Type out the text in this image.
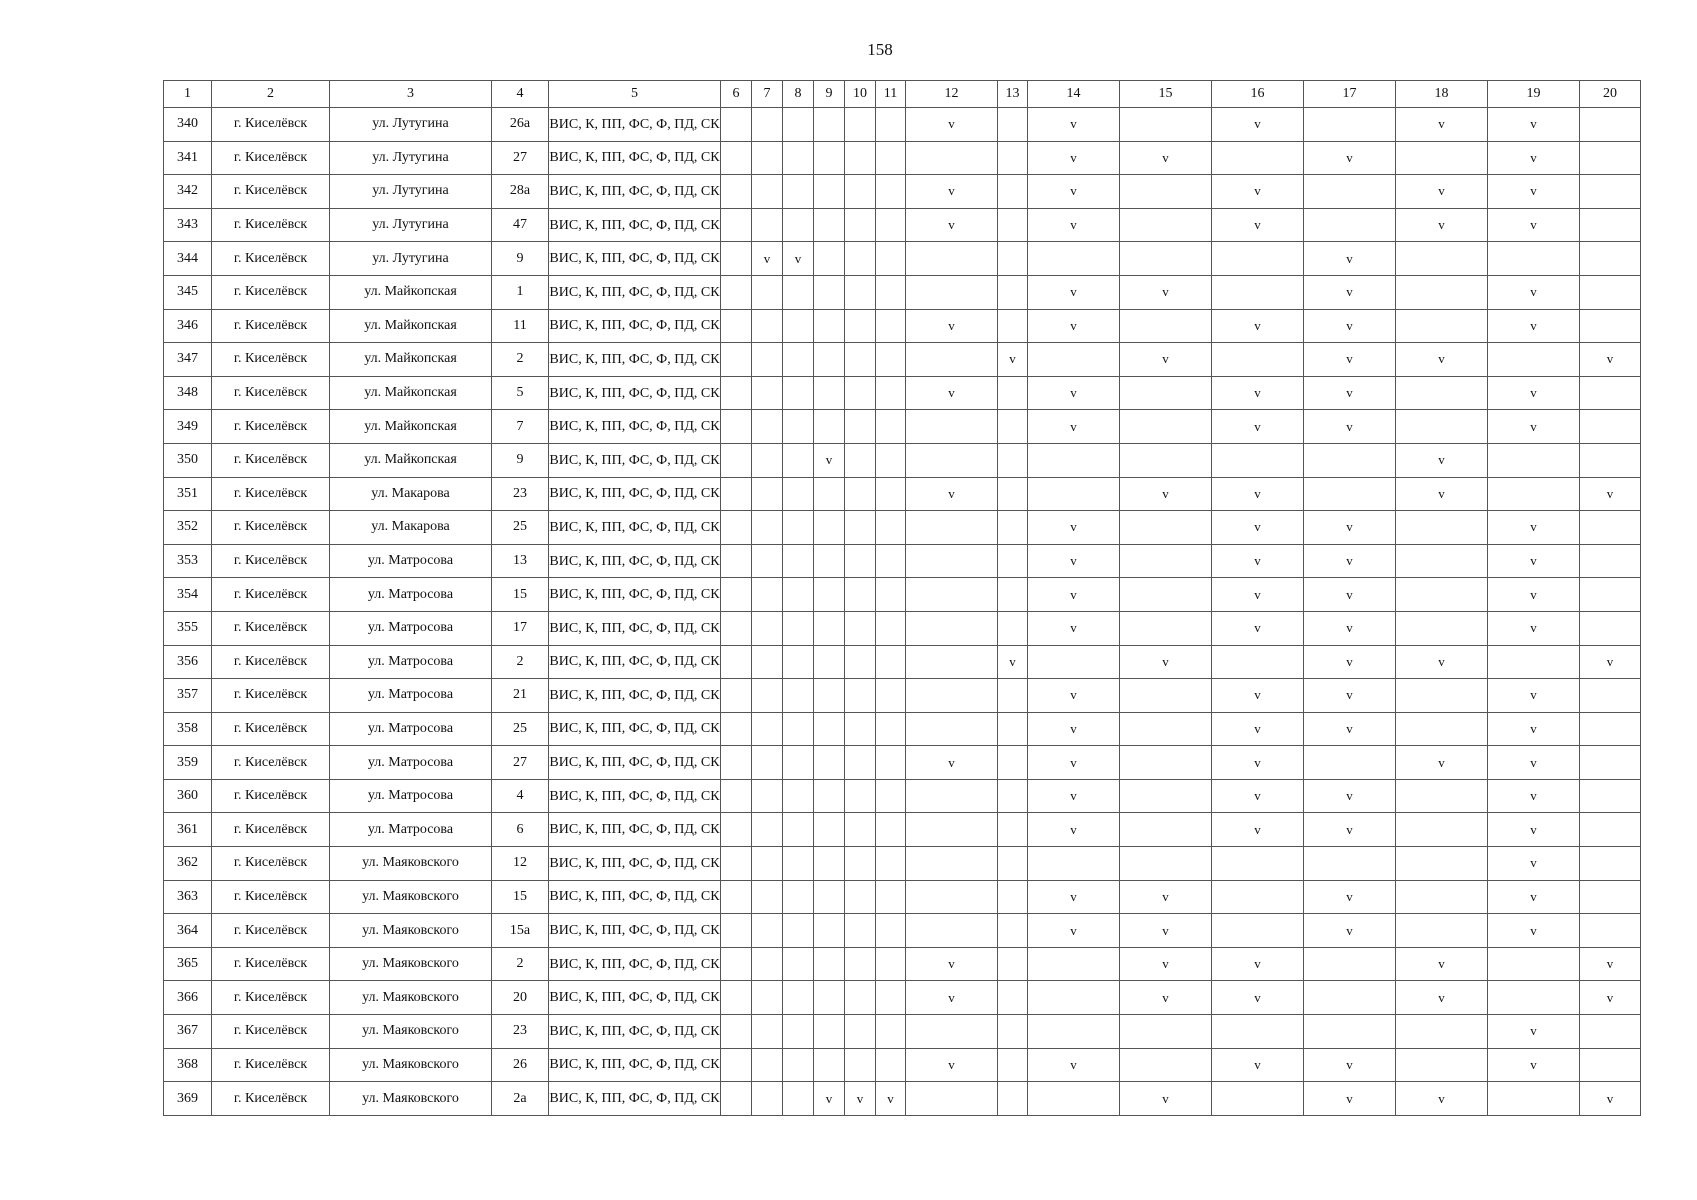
158
1	2	3	4	5	6	7	8	9	10	11	12	13	14	15	16	17	18	19	20
340	г. Киселёвск	ул. Лутугина	26а	ВИС, К, ПП, ФС, Ф, ПД, СК							v		v		v		v	v	
341	г. Киселёвск	ул. Лутугина	27	ВИС, К, ПП, ФС, Ф, ПД, СК									v	v		v		v	
342	г. Киселёвск	ул. Лутугина	28а	ВИС, К, ПП, ФС, Ф, ПД, СК							v		v		v		v	v	
343	г. Киселёвск	ул. Лутугина	47	ВИС, К, ПП, ФС, Ф, ПД, СК							v		v		v		v	v	
344	г. Киселёвск	ул. Лутугина	9	ВИС, К, ПП, ФС, Ф, ПД, СК		v	v									v			
345	г. Киселёвск	ул. Майкопская	1	ВИС, К, ПП, ФС, Ф, ПД, СК									v	v		v		v	
346	г. Киселёвск	ул. Майкопская	11	ВИС, К, ПП, ФС, Ф, ПД, СК							v		v		v	v		v	
347	г. Киселёвск	ул. Майкопская	2	ВИС, К, ПП, ФС, Ф, ПД, СК								v		v		v	v		v
348	г. Киселёвск	ул. Майкопская	5	ВИС, К, ПП, ФС, Ф, ПД, СК							v		v		v	v		v	
349	г. Киселёвск	ул. Майкопская	7	ВИС, К, ПП, ФС, Ф, ПД, СК									v		v	v		v	
350	г. Киселёвск	ул. Майкопская	9	ВИС, К, ПП, ФС, Ф, ПД, СК				v									v		
351	г. Киселёвск	ул. Макарова	23	ВИС, К, ПП, ФС, Ф, ПД, СК							v			v	v		v		v
352	г. Киселёвск	ул. Макарова	25	ВИС, К, ПП, ФС, Ф, ПД, СК									v		v	v		v	
353	г. Киселёвск	ул. Матросова	13	ВИС, К, ПП, ФС, Ф, ПД, СК									v		v	v		v	
354	г. Киселёвск	ул. Матросова	15	ВИС, К, ПП, ФС, Ф, ПД, СК									v		v	v		v	
355	г. Киселёвск	ул. Матросова	17	ВИС, К, ПП, ФС, Ф, ПД, СК									v		v	v		v	
356	г. Киселёвск	ул. Матросова	2	ВИС, К, ПП, ФС, Ф, ПД, СК								v		v		v	v		v
357	г. Киселёвск	ул. Матросова	21	ВИС, К, ПП, ФС, Ф, ПД, СК									v		v	v		v	
358	г. Киселёвск	ул. Матросова	25	ВИС, К, ПП, ФС, Ф, ПД, СК									v		v	v		v	
359	г. Киселёвск	ул. Матросова	27	ВИС, К, ПП, ФС, Ф, ПД, СК							v		v		v		v	v	
360	г. Киселёвск	ул. Матросова	4	ВИС, К, ПП, ФС, Ф, ПД, СК									v		v	v		v	
361	г. Киселёвск	ул. Матросова	6	ВИС, К, ПП, ФС, Ф, ПД, СК									v		v	v		v	
362	г. Киселёвск	ул. Маяковского	12	ВИС, К, ПП, ФС, Ф, ПД, СК														v	
363	г. Киселёвск	ул. Маяковского	15	ВИС, К, ПП, ФС, Ф, ПД, СК									v	v		v		v	
364	г. Киселёвск	ул. Маяковского	15а	ВИС, К, ПП, ФС, Ф, ПД, СК									v	v		v		v	
365	г. Киселёвск	ул. Маяковского	2	ВИС, К, ПП, ФС, Ф, ПД, СК							v			v	v		v		v
366	г. Киселёвск	ул. Маяковского	20	ВИС, К, ПП, ФС, Ф, ПД, СК							v			v	v		v		v
367	г. Киселёвск	ул. Маяковского	23	ВИС, К, ПП, ФС, Ф, ПД, СК														v	
368	г. Киселёвск	ул. Маяковского	26	ВИС, К, ПП, ФС, Ф, ПД, СК							v		v		v	v		v	
369	г. Киселёвск	ул. Маяковского	2а	ВИС, К, ПП, ФС, Ф, ПД, СК				v	v	v				v		v	v		v
